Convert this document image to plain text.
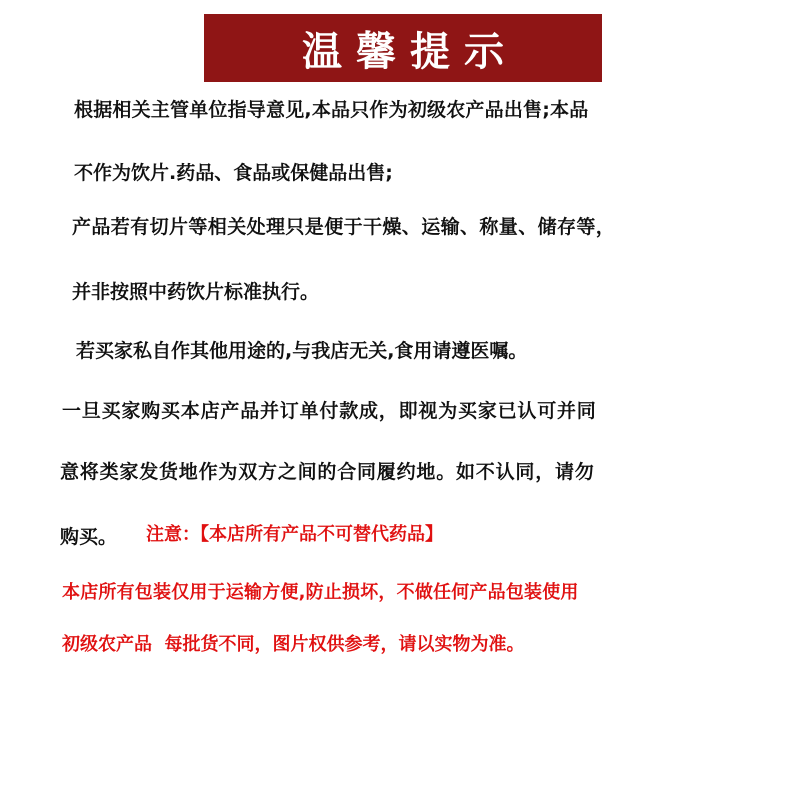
温馨提示
根据相关主管单位指导意见,本品只作为初级农产品出售;本品
不作为饮片.药品、食品或保健品出售;
产品若有切片等相关处理只是便于干燥、运输、称量、储存等，
并非按照中药饮片标准执行。
若买家私自作其他用途的,与我店无关,食用请遵医嘱。
一旦买家购买本店产品并订单付款成，即视为买家已认可并同
意将类家发货地作为双方之间的合同履约地。如不认同，请勿
购买。 注意：【本店所有产品不可替代药品】
本店所有包装仅用于运输方便,防止损坏，不做任何产品包装使用
初级农产品  每批货不同，图片权供参考，请以实物为准。
